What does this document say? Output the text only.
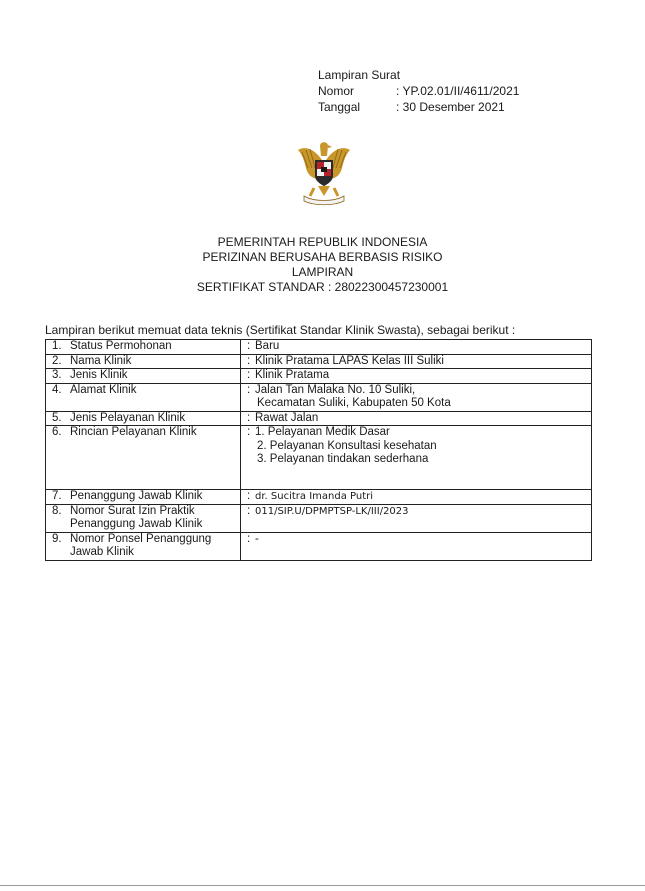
Lampiran Surat
Nomor	: YP.02.01/II/4611/2021
Tanggal	: 30 Desember 2021
PEMERINTAH REPUBLIK INDONESIA
PERIZINAN BERUSAHA BERBASIS RISIKO
LAMPIRAN
SERTIFIKAT STANDAR : 28022300457230001
Lampiran berikut memuat data teknis (Sertifikat Standar Klinik Swasta), sebagai berikut :
1. Status Permohonan	: Baru
2. Nama Klinik	: Klinik Pratama LAPAS Kelas III Suliki
3. Jenis Klinik	: Klinik Pratama
4. Alamat Klinik	: Jalan Tan Malaka No. 10 Suliki,
Kecamatan Suliki, Kabupaten 50 Kota

5. Jenis Pelayanan Klinik	: Rawat Jalan
6. Rincian Pelayanan Klinik	: 1. Pelayanan Medik Dasar
2. Pelayanan Konsultasi kesehatan
3. Pelayanan tindakan sederhana

7. Penanggung Jawab Klinik	: dr. Sucitra Imanda Putri
8. Nomor Surat Izin Praktik
Penanggung Jawab Klinik	: 011/SIP.U/DPMPTSP-LK/III/2023
9. Nomor Ponsel Penanggung
Jawab Klinik	: -
